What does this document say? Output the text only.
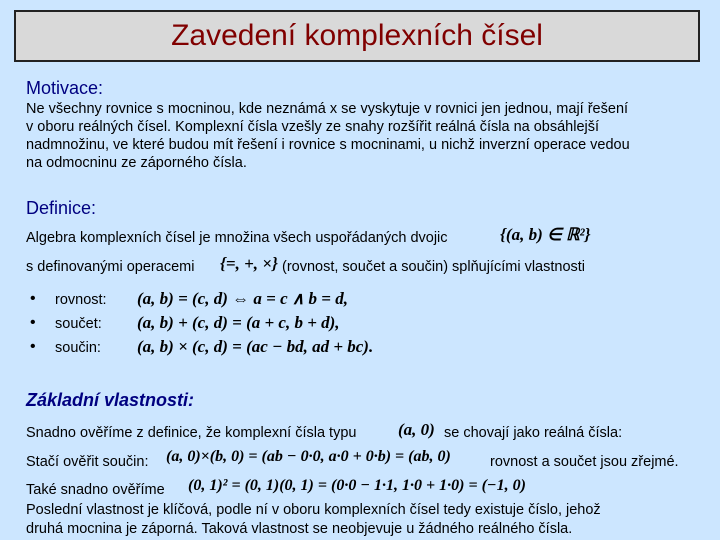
Zavedení komplexních čísel
Motivace:
Ne všechny rovnice s mocninou, kde neznámá x se vyskytuje v rovnici jen jednou, mají řešení
v oboru reálných čísel. Komplexní čísla vzešly ze snahy rozšířit reálná čísla na obsáhlejší
nadmnožinu, ve které budou mít řešení i rovnice s mocninami, u nichž inverzní operace vedou
na odmocninu ze záporného čísla.
Definice:
Algebra komplexních čísel je množina všech uspořádaných dvojic	{(a, b) ∈ ℝ²}
s definovanými operacemi {=, +, ×} (rovnost, součet a součin) splňujícími vlastnosti
• rovnost: (a, b) = (c, d) ⇔ a = c ∧ b = d,
• součet: (a, b) + (c, d) = (a + c, b + d),
• součin: (a, b) × (c, d) = (ac − bd, ad + bc).
Základní vlastnosti:
Snadno ověříme z definice, že komplexní čísla typu (a, 0) se chovají jako reálná čísla:
Stačí ověřit součin: (a, 0)×(b, 0) = (ab − 0·0, a·0 + 0·b) = (ab, 0)	rovnost a součet jsou zřejmé.
Také snadno ověříme (0, 1)² = (0, 1)(0, 1) = (0·0 − 1·1, 1·0 + 1·0) = (−1, 0)
Poslední vlastnost je klíčová, podle ní v oboru komplexních čísel tedy existuje číslo, jehož
druhá mocnina je záporná. Taková vlastnost se neobjevuje u žádného reálného čísla.
